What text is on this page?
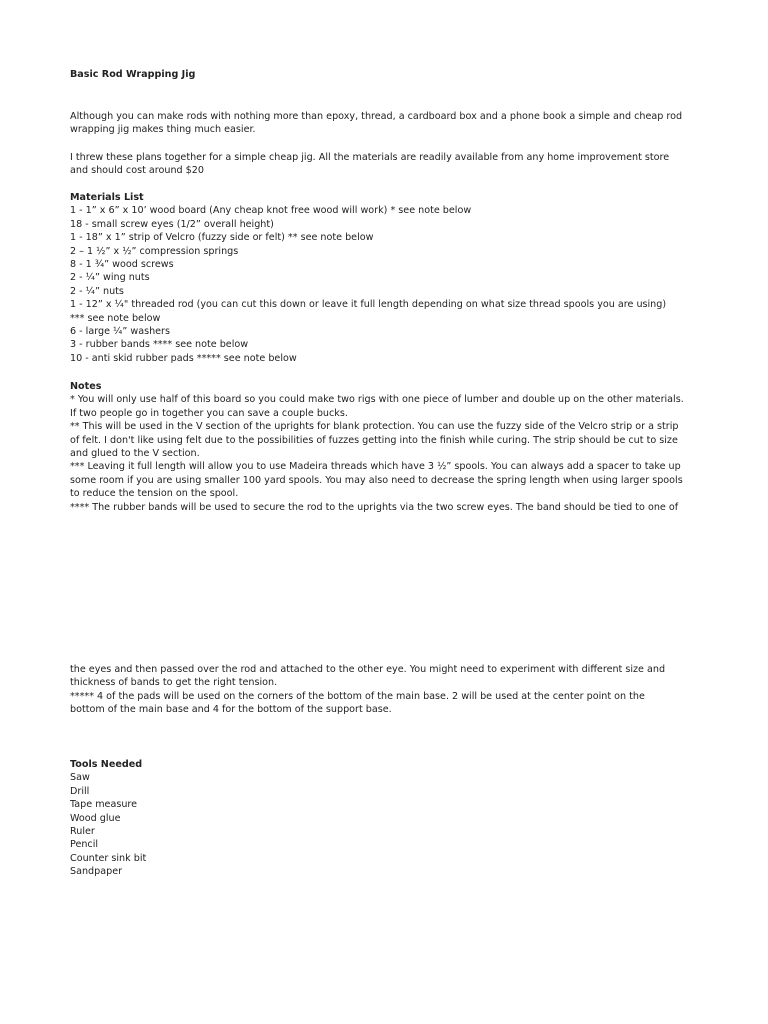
Basic Rod Wrapping Jig
Although you can make rods with nothing more than epoxy, thread, a cardboard box and a phone book a simple and cheap rod
wrapping jig makes thing much easier.
I threw these plans together for a simple cheap jig. All the materials are readily available from any home improvement store
and should cost around $20
Materials List
1 - 1” x 6” x 10’ wood board (Any cheap knot free wood will work) * see note below
18 - small screw eyes (1/2” overall height)
1 - 18” x 1” strip of Velcro (fuzzy side or felt) ** see note below
2 – 1 ½” x ½” compression springs
8 - 1 ¾” wood screws
2 - ¼” wing nuts
2 - ¼” nuts
1 - 12” x ¼" threaded rod (you can cut this down or leave it full length depending on what size thread spools you are using)
*** see note below
6 - large ¼” washers
3 - rubber bands **** see note below
10 - anti skid rubber pads ***** see note below
Notes
* You will only use half of this board so you could make two rigs with one piece of lumber and double up on the other materials.
If two people go in together you can save a couple bucks.
** This will be used in the V section of the uprights for blank protection. You can use the fuzzy side of the Velcro strip or a strip
of felt. I don't like using felt due to the possibilities of fuzzes getting into the finish while curing. The strip should be cut to size
and glued to the V section.
*** Leaving it full length will allow you to use Madeira threads which have 3 ½” spools. You can always add a spacer to take up
some room if you are using smaller 100 yard spools. You may also need to decrease the spring length when using larger spools
to reduce the tension on the spool.
**** The rubber bands will be used to secure the rod to the uprights via the two screw eyes. The band should be tied to one of
the eyes and then passed over the rod and attached to the other eye. You might need to experiment with different size and
thickness of bands to get the right tension.
***** 4 of the pads will be used on the corners of the bottom of the main base. 2 will be used at the center point on the
bottom of the main base and 4 for the bottom of the support base.
Tools Needed
Saw
Drill
Tape measure
Wood glue
Ruler
Pencil
Counter sink bit
Sandpaper
